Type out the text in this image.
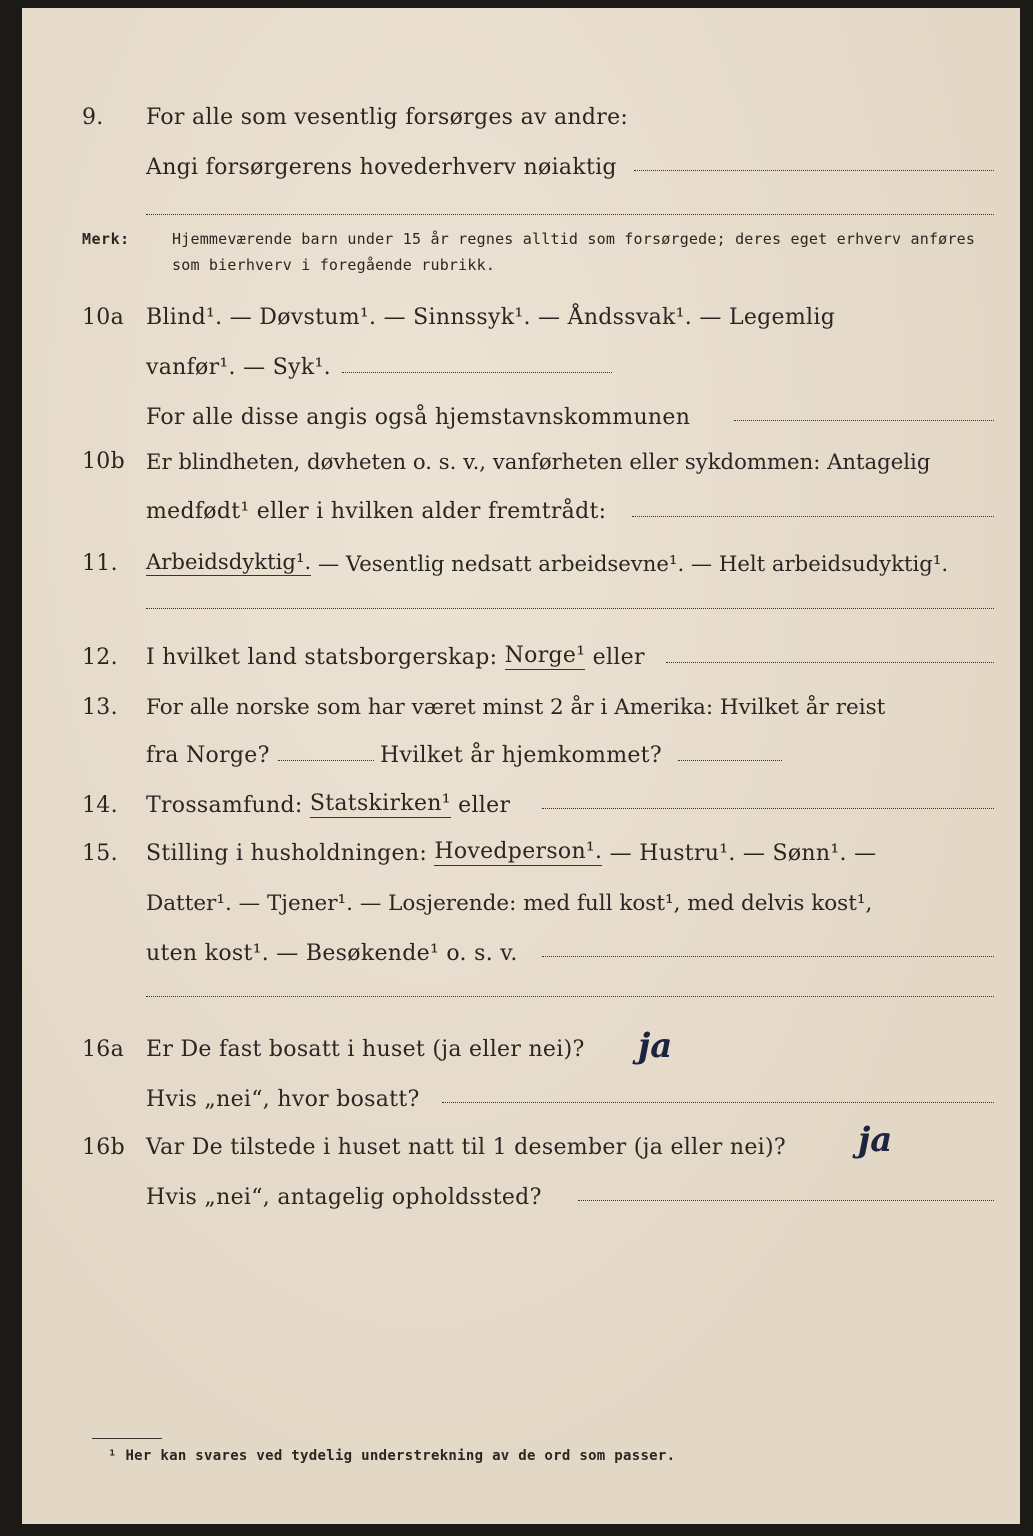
9.	For alle som vesentlig forsørges av andre:
Angi forsørgerens hovederhverv nøiaktig
Merk:	Hjemmeværende barn under 15 år regnes alltid som forsørgede; deres eget erhverv anføres som bierhverv i foregående rubrikk.
10a Blind¹. — Døvstum¹. — Sinnssyk¹. — Åndssvak¹. — Legemlig
vanfør¹. — Syk¹.
For alle disse angis også hjemstavnskommunen
10b Er blindheten, døvheten o. s. v., vanførheten eller sykdommen: Antagelig
medfødt¹ eller i hvilken alder fremtrådt:
11.	Arbeidsdyktig¹. — Vesentlig nedsatt arbeidsevne¹. — Helt arbeidsudyktig¹.
12.	I hvilket land statsborgerskap: Norge¹ eller
13.	For alle norske som har været minst 2 år i Amerika: Hvilket år reist
fra Norge?	Hvilket år hjemkommet?
14.	Trossamfund: Statskirken¹ eller
15.	Stilling i husholdningen: Hovedperson¹. — Hustru¹. — Sønn¹. —
Datter¹. — Tjener¹. — Losjerende: med full kost¹, med delvis kost¹,
uten kost¹. — Besøkende¹ o. s. v.
16a Er De fast bosatt i huset (ja eller nei)? ja
Hvis „nei“, hvor bosatt?
16b Var De tilstede i huset natt til 1 desember (ja eller nei)? ja
Hvis „nei“, antagelig opholdssted?
¹ Her kan svares ved tydelig understrekning av de ord som passer.
